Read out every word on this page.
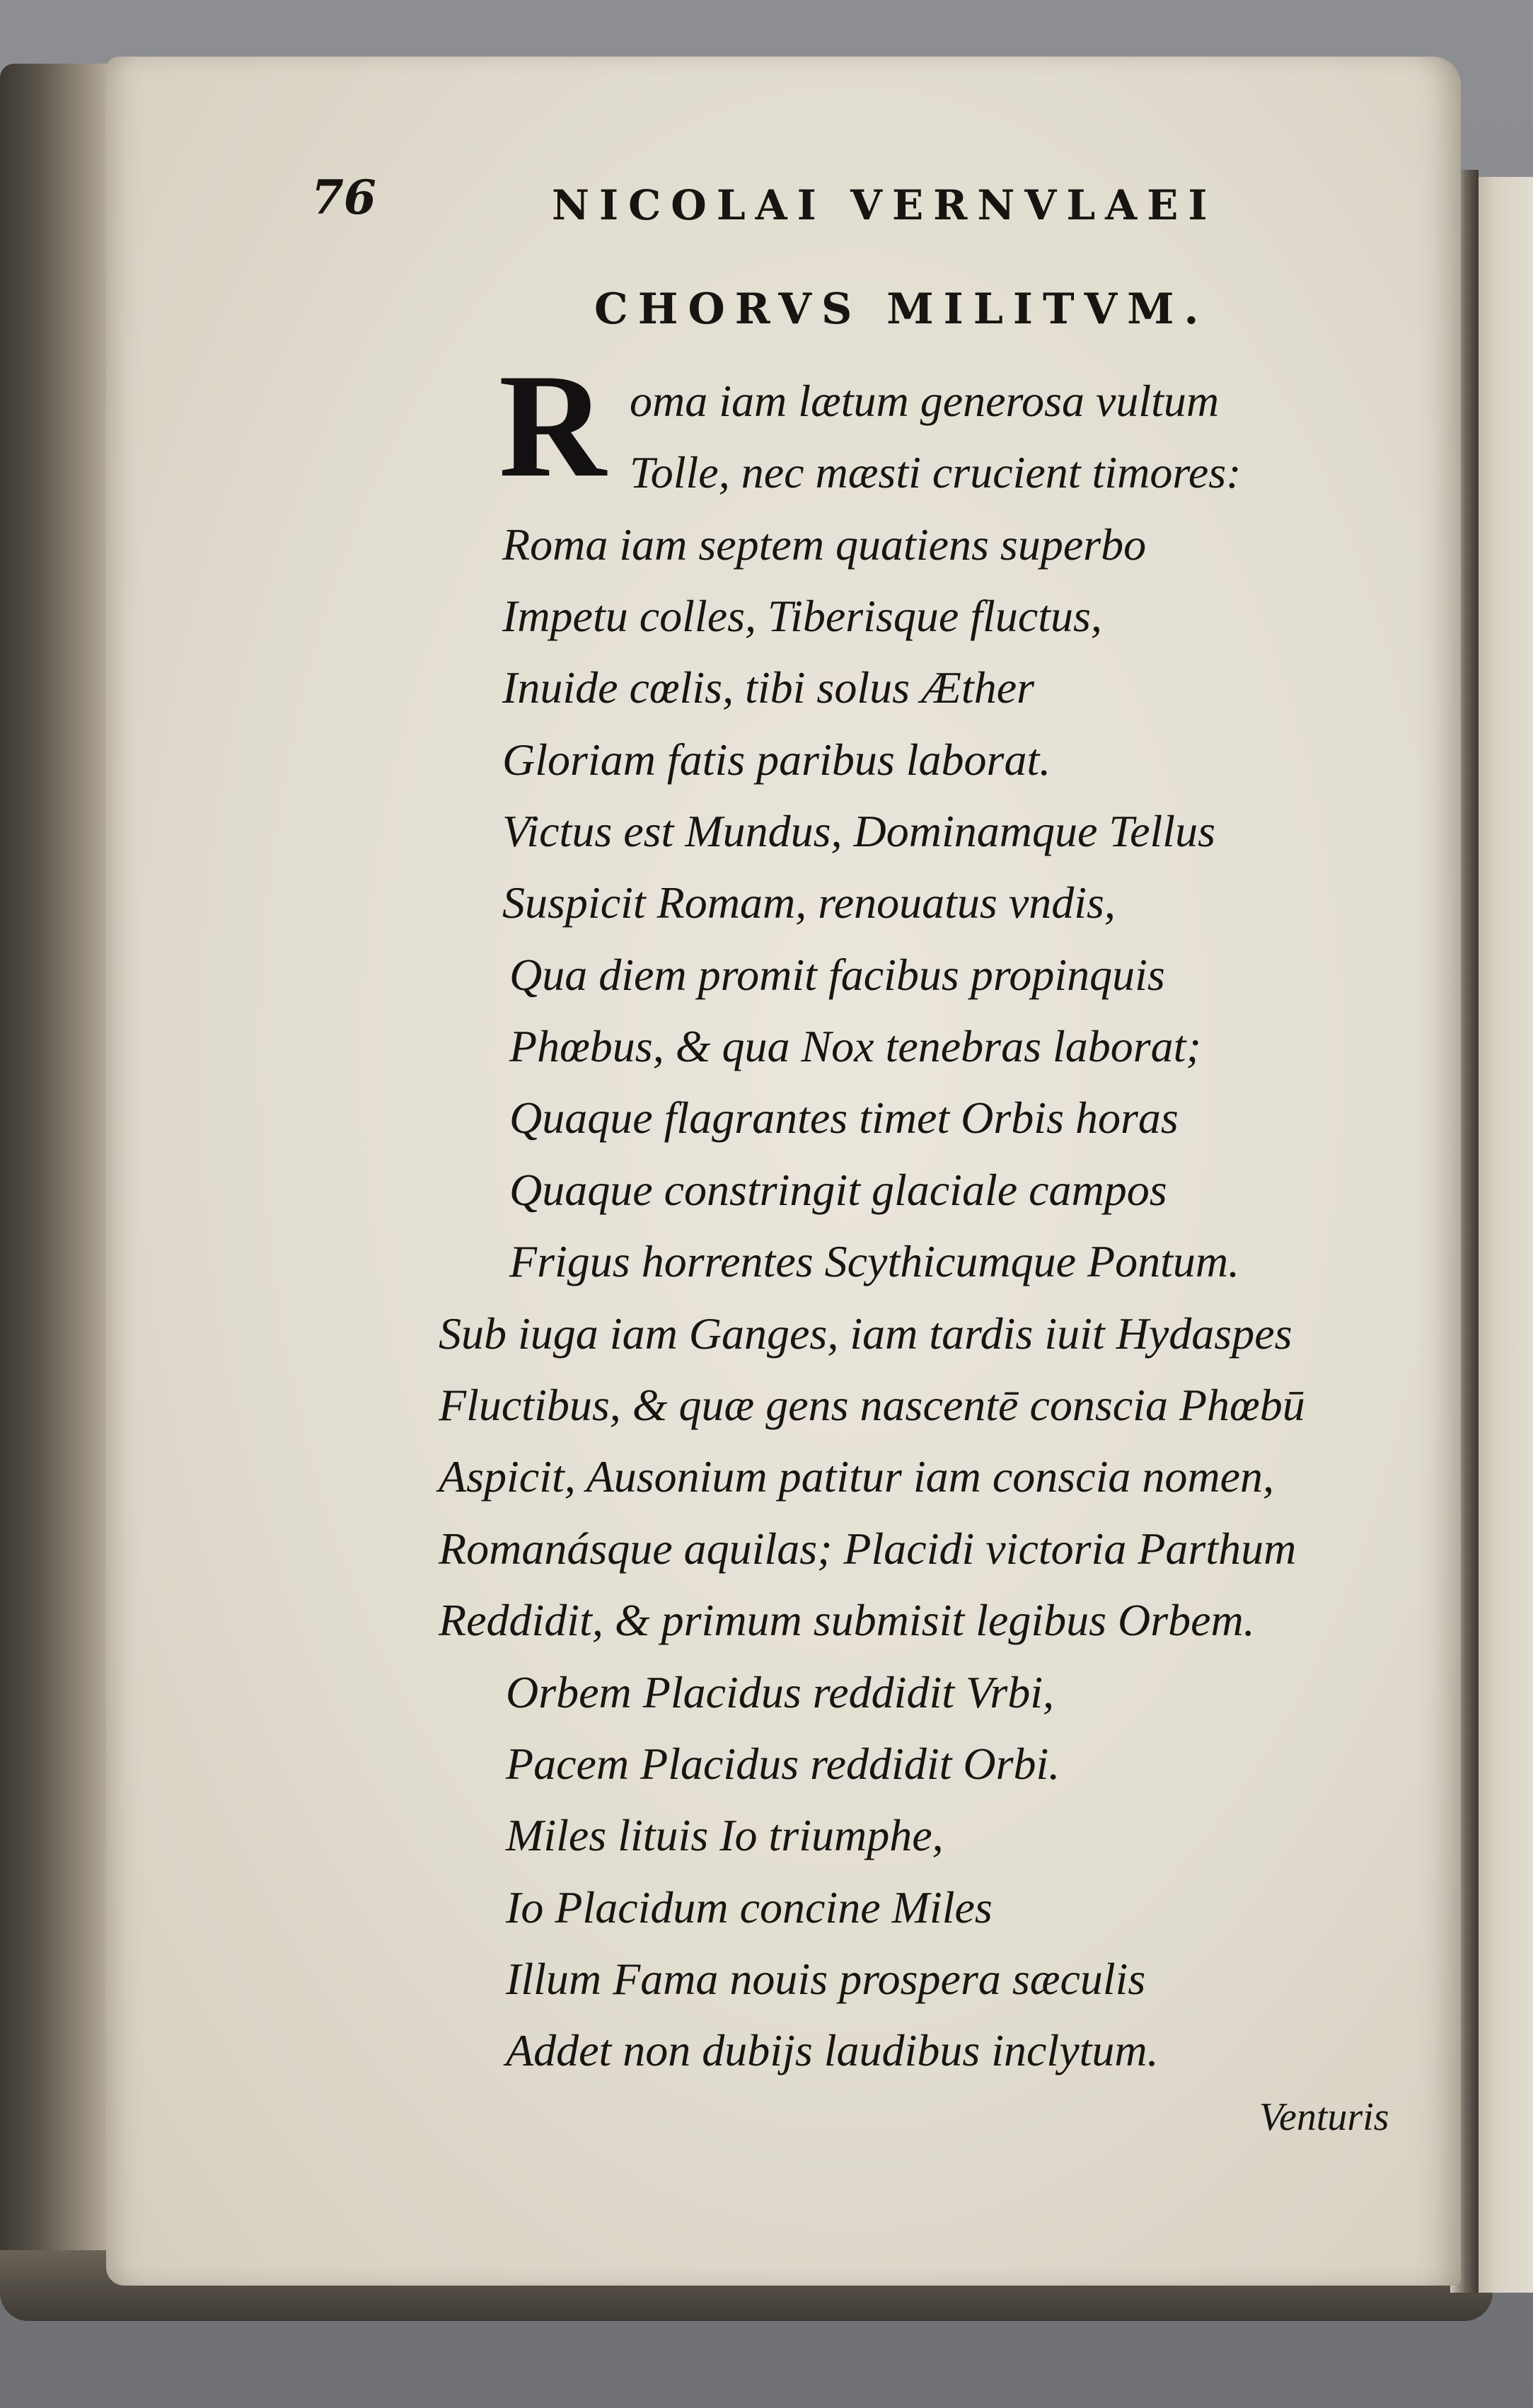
76	NICOLAI VERNVLAEI
CHORVS MILITVM.
R oma iam lætum generosa vultum
Tolle, nec mæsti crucient timores:
Roma iam septem quatiens superbo
Impetu colles, Tiberisque fluctus,
Inuide cœlis, tibi solus Æther
Gloriam fatis paribus laborat.
Victus est Mundus, Dominamque Tellus
Suspicit Romam, renouatus vndis,
Qua diem promit facibus propinquis
Phœbus, & qua Nox tenebras laborat;
Quaque flagrantes timet Orbis horas
Quaque constringit glaciale campos
Frigus horrentes Scythicumque Pontum.
Sub iuga iam Ganges, iam tardis iuit Hydaspes
Fluctibus, & quæ gens nascentē conscia Phœbū
Aspicit, Ausonium patitur iam conscia nomen,
Romanásque aquilas; Placidi victoria Parthum
Reddidit, & primum submisit legibus Orbem.
Orbem Placidus reddidit Vrbi,
Pacem Placidus reddidit Orbi.
Miles lituis Io triumphe,
Io Placidum concine Miles
Illum Fama nouis prospera sæculis
Addet non dubijs laudibus inclytum.
Venturis
